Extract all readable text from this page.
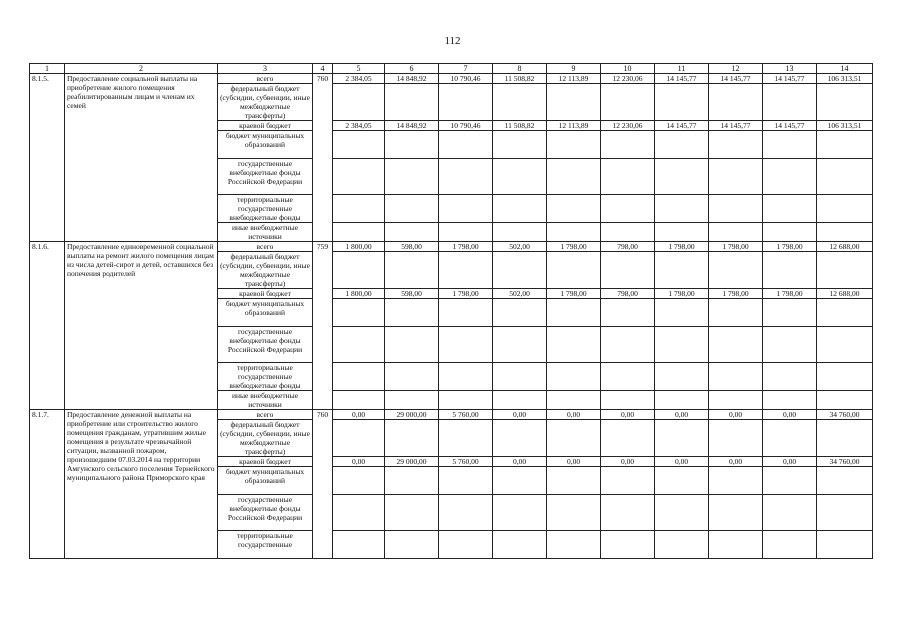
112
1	2	3	4	5	6	7	8	9	10	11	12	13	14
8.1.5.	Предоставление социальной выплаты на приобретение жилого помещения реабилитированным лицам и членам их семей	всего	760	2 384,05	14 848,92	10 790,46	11 508,82	12 113,89	12 230,06	14 145,77	14 145,77	14 145,77	106 313,51
		федеральный бюджет (субсидии, субвенции, иные межбюджетные трансферты)											
		краевой бюджет		2 384,05	14 848,92	10 790,46	11 508,82	12 113,89	12 230,06	14 145,77	14 145,77	14 145,77	106 313,51
		бюджет муниципальных образований											
		государственные внебюджетные фонды Российской Федерации											
		территориальные государственные внебюджетные фонды											
		иные внебюджетные источники											
8.1.6.	Предоставление единовременной социальной выплаты на ремонт жилого помещения лицам из числа детей-сирот и детей, оставшихся без попечения родителей	всего	759	1 800,00	598,00	1 798,00	502,00	1 798,00	798,00	1 798,00	1 798,00	1 798,00	12 688,00
		федеральный бюджет (субсидии, субвенции, иные межбюджетные трансферты)											
		краевой бюджет		1 800,00	598,00	1 798,00	502,00	1 798,00	798,00	1 798,00	1 798,00	1 798,00	12 688,00
		бюджет муниципальных образований											
		государственные внебюджетные фонды Российской Федерации											
		территориальные государственные внебюджетные фонды											
		иные внебюджетные источники											
8.1.7.	Предоставление денежной выплаты на приобретение или строительство жилого помещения гражданам, утратившим жилые помещения в результате чрезвычайной ситуации, вызванной пожаром, произошедшим 07.03.2014 на территории Амгунского сельского поселения Тернейского муниципального района Приморского края	всего	760	0,00	29 000,00	5 760,00	0,00	0,00	0,00	0,00	0,00	0,00	34 760,00
		федеральный бюджет (субсидии, субвенции, иные межбюджетные трансферты)											
		краевой бюджет		0,00	29 000,00	5 760,00	0,00	0,00	0,00	0,00	0,00	0,00	34 760,00
		бюджет муниципальных образований											
		государственные внебюджетные фонды Российской Федерации											
		территориальные государственные											
